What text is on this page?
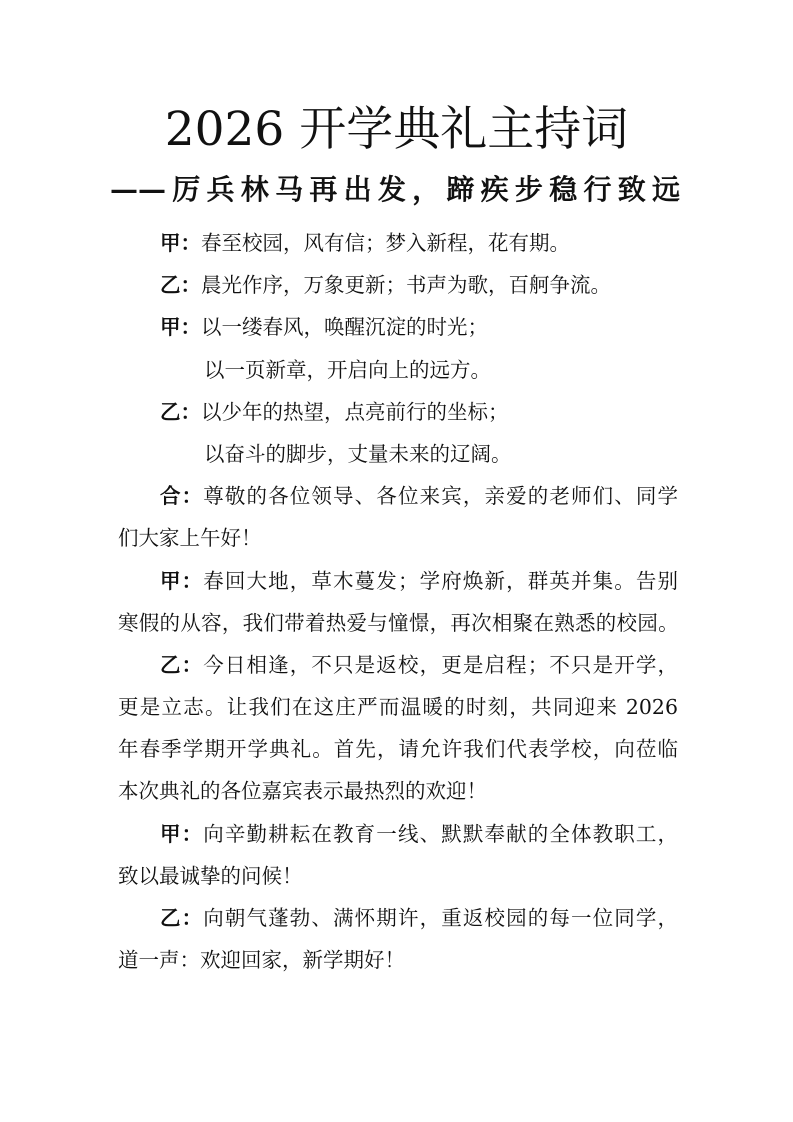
2026 开学典礼主持词
——厉兵林马再出发，蹄疾步稳行致远
甲：春至校园，风有信；梦入新程，花有期。
乙：晨光作序，万象更新；书声为歌，百舸争流。
甲：以一缕春风，唤醒沉淀的时光；
以一页新章，开启向上的远方。
乙：以少年的热望，点亮前行的坐标；
以奋斗的脚步，丈量未来的辽阔。
合：尊敬的各位领导、各位来宾，亲爱的老师们、同学
们大家上午好！
甲：春回大地，草木蔓发；学府焕新，群英并集。告别
寒假的从容，我们带着热爱与憧憬，再次相聚在熟悉的校园。
乙：今日相逢，不只是返校，更是启程；不只是开学，
更是立志。让我们在这庄严而温暖的时刻，共同迎来 2026
年春季学期开学典礼。首先，请允许我们代表学校，向莅临
本次典礼的各位嘉宾表示最热烈的欢迎！
甲：向辛勤耕耘在教育一线、默默奉献的全体教职工，
致以最诚挚的问候！
乙：向朝气蓬勃、满怀期许，重返校园的每一位同学，
道一声：欢迎回家，新学期好！
